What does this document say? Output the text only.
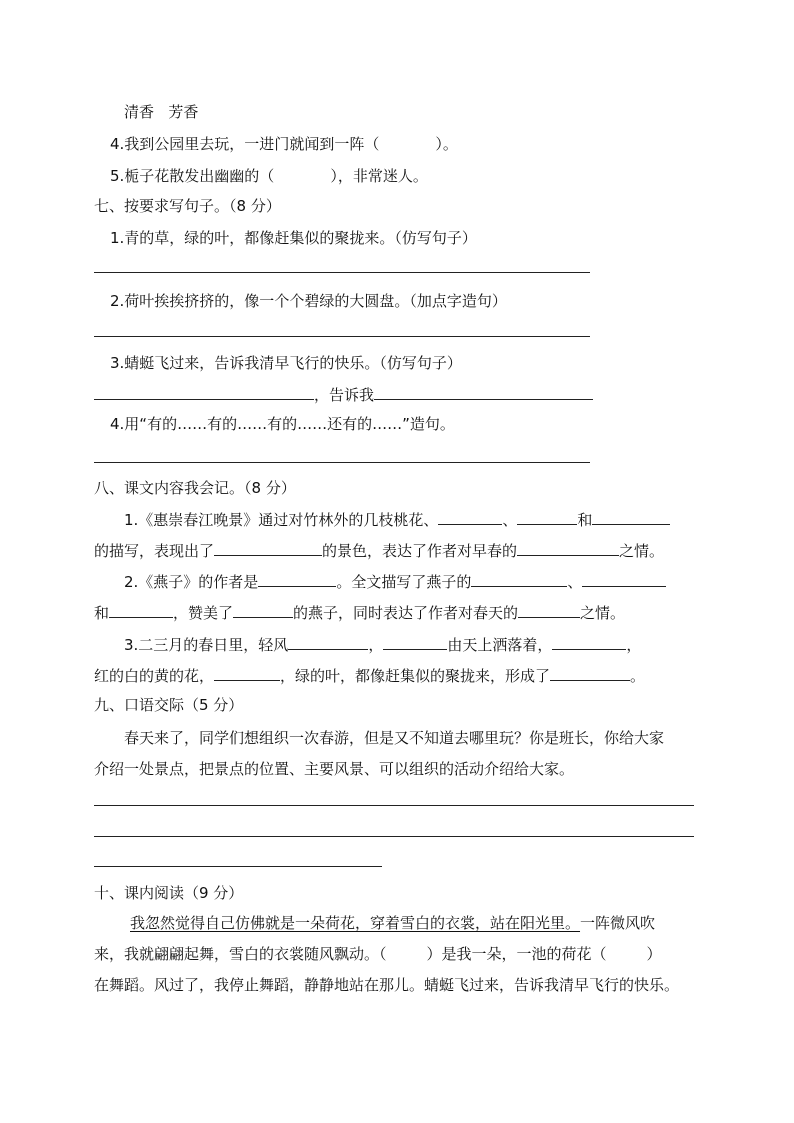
清香 芳香
4.我到公园里去玩，一进门就闻到一阵（	）。
5.栀子花散发出幽幽的（	），非常迷人。
七、按要求写句子。（8 分）
1.青的草，绿的叶，都像赶集似的聚拢来。（仿写句子）
2.荷叶挨挨挤挤的，像一个个碧绿的大圆盘。（加点字造句）
3.蜻蜓飞过来，告诉我清早飞行的快乐。（仿写句子）
，告诉我
4.用“有的……有的……有的……还有的……”造句。
八、课文内容我会记。（8 分）
1.《惠崇春江晚景》通过对竹林外的几枝桃花、	、	和
的描写，表现出了	的景色，表达了作者对早春的	之情。
2.《燕子》的作者是	。全文描写了燕子的	、
和	，赞美了	的燕子，同时表达了作者对春天的	之情。
3.二三月的春日里，轻风	，	由天上洒落着，	，
红的白的黄的花，	，绿的叶，都像赶集似的聚拢来，形成了	。
九、口语交际（5 分）
春天来了，同学们想组织一次春游，但是又不知道去哪里玩？你是班长，你给大家
介绍一处景点，把景点的位置、主要风景、可以组织的活动介绍给大家。
十、课内阅读（9 分）
我忽然觉得自己仿佛就是一朵荷花，穿着雪白的衣裳，站在阳光里。一阵微风吹
来，我就翩翩起舞，雪白的衣裳随风飘动。（	）是我一朵，一池的荷花（	）
在舞蹈。风过了，我停止舞蹈，静静地站在那儿。蜻蜓飞过来，告诉我清早飞行的快乐。
